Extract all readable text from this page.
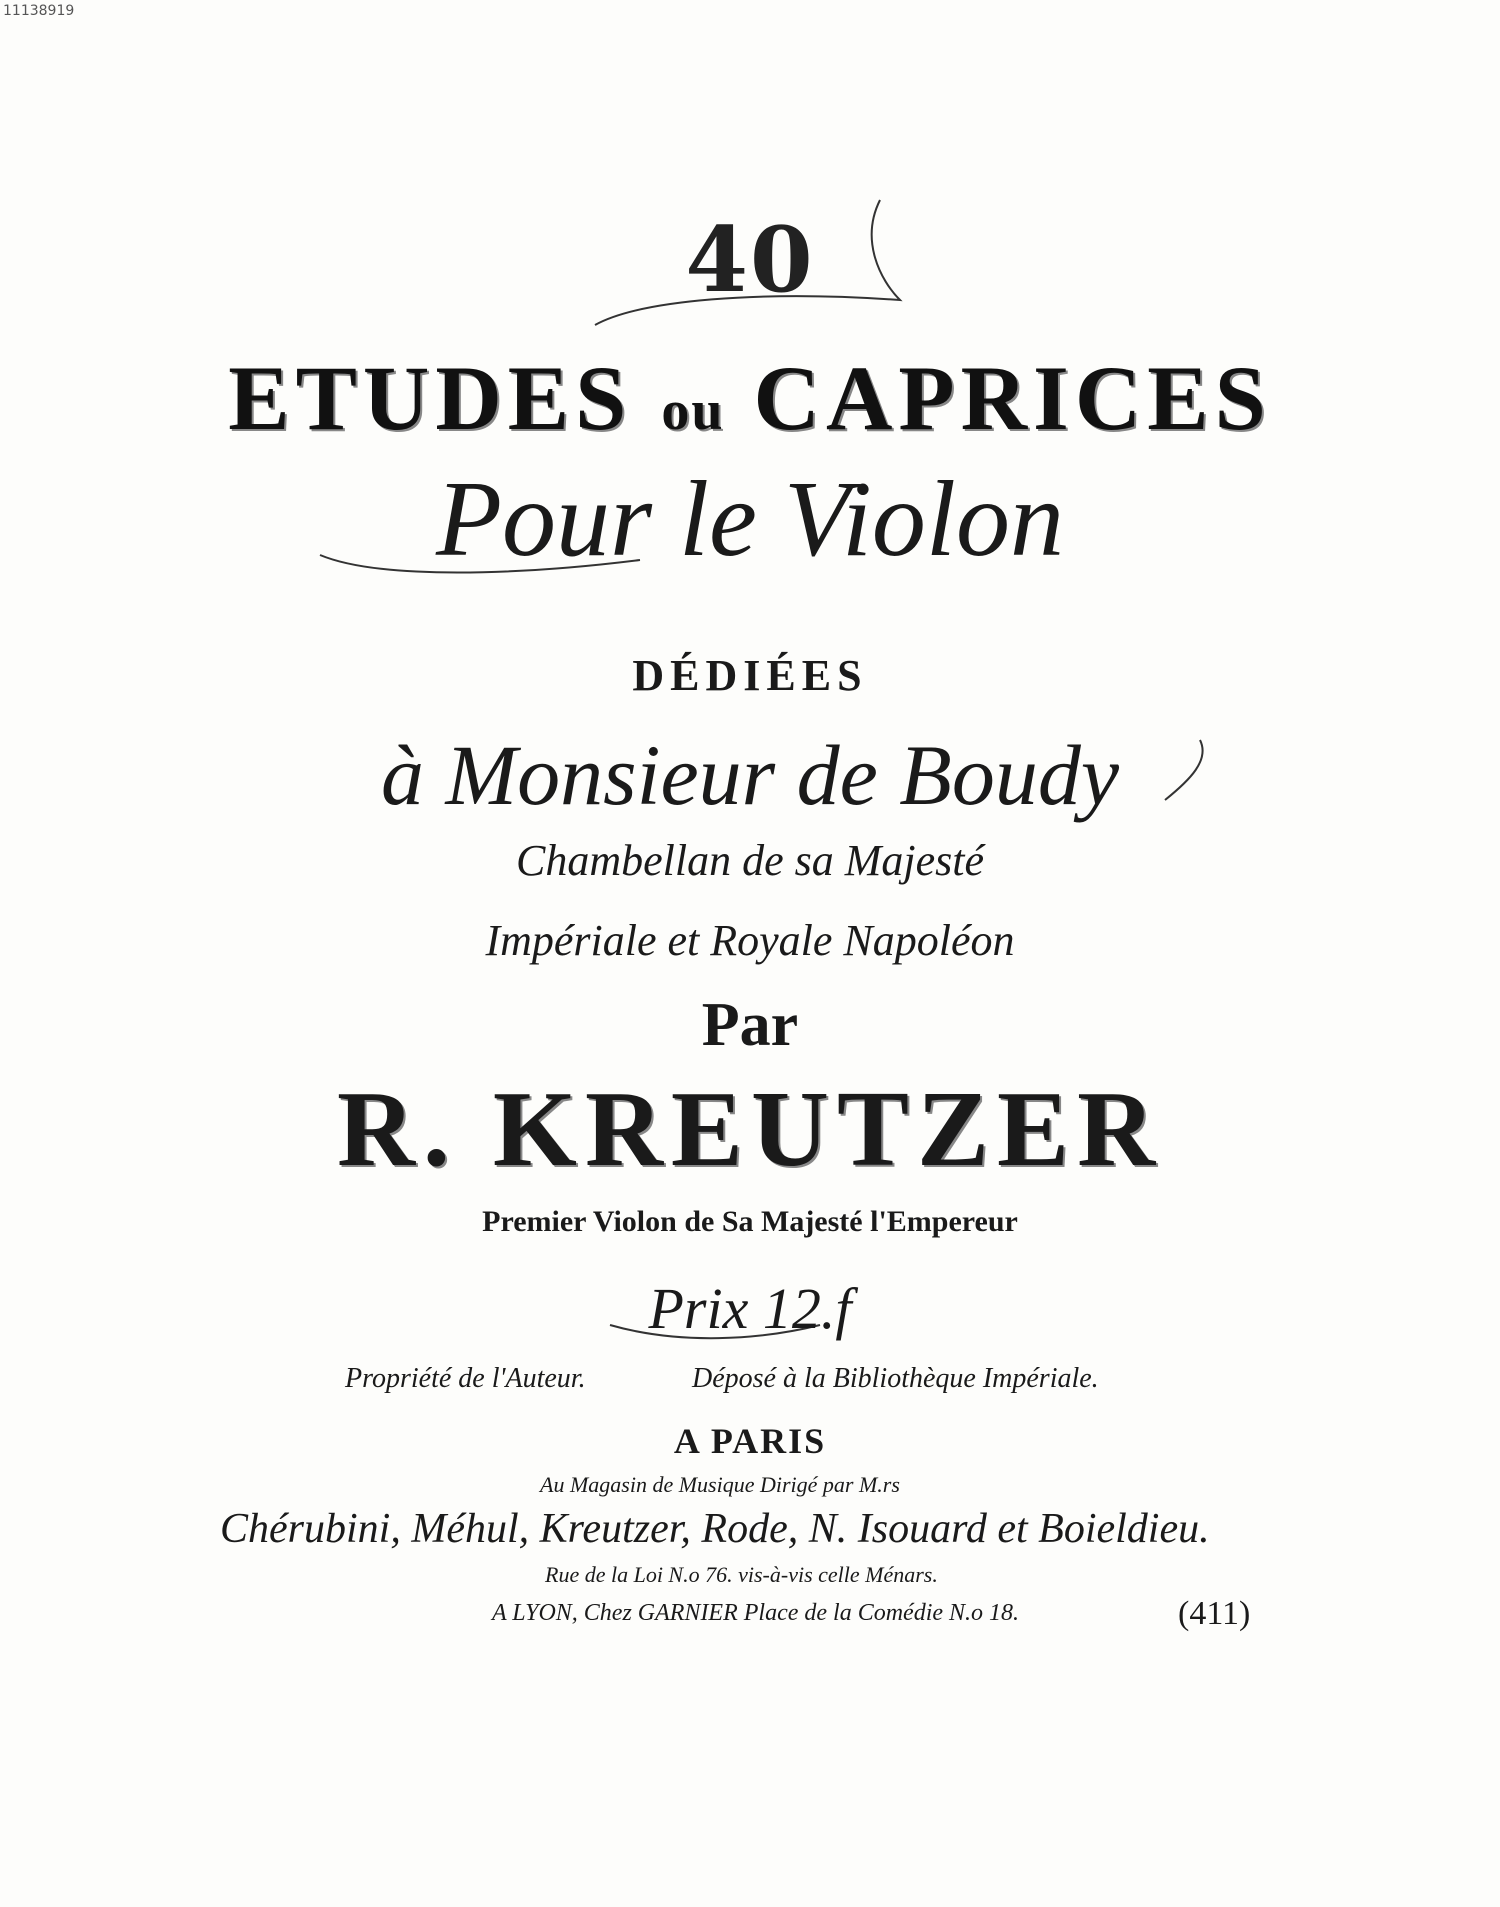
11138919
40
ETUDES ou CAPRICES
Pour le Violon
DÉDIÉES
à Monsieur de Boudy
Chambellan de sa Majesté
Impériale et Royale Napoléon
Par
R. KREUTZER
Premier Violon de Sa Majesté l'Empereur
Prix 12.f
Propriété de l'Auteur.	Déposé à la Bibliothèque Impériale.
A PARIS
Au Magasin de Musique Dirigé par M.rs
Chérubini, Méhul, Kreutzer, Rode, N. Isouard et Boieldieu.
Rue de la Loi N.o 76. vis-à-vis celle Ménars.
A LYON, Chez GARNIER Place de la Comédie N.o 18.	(411)
